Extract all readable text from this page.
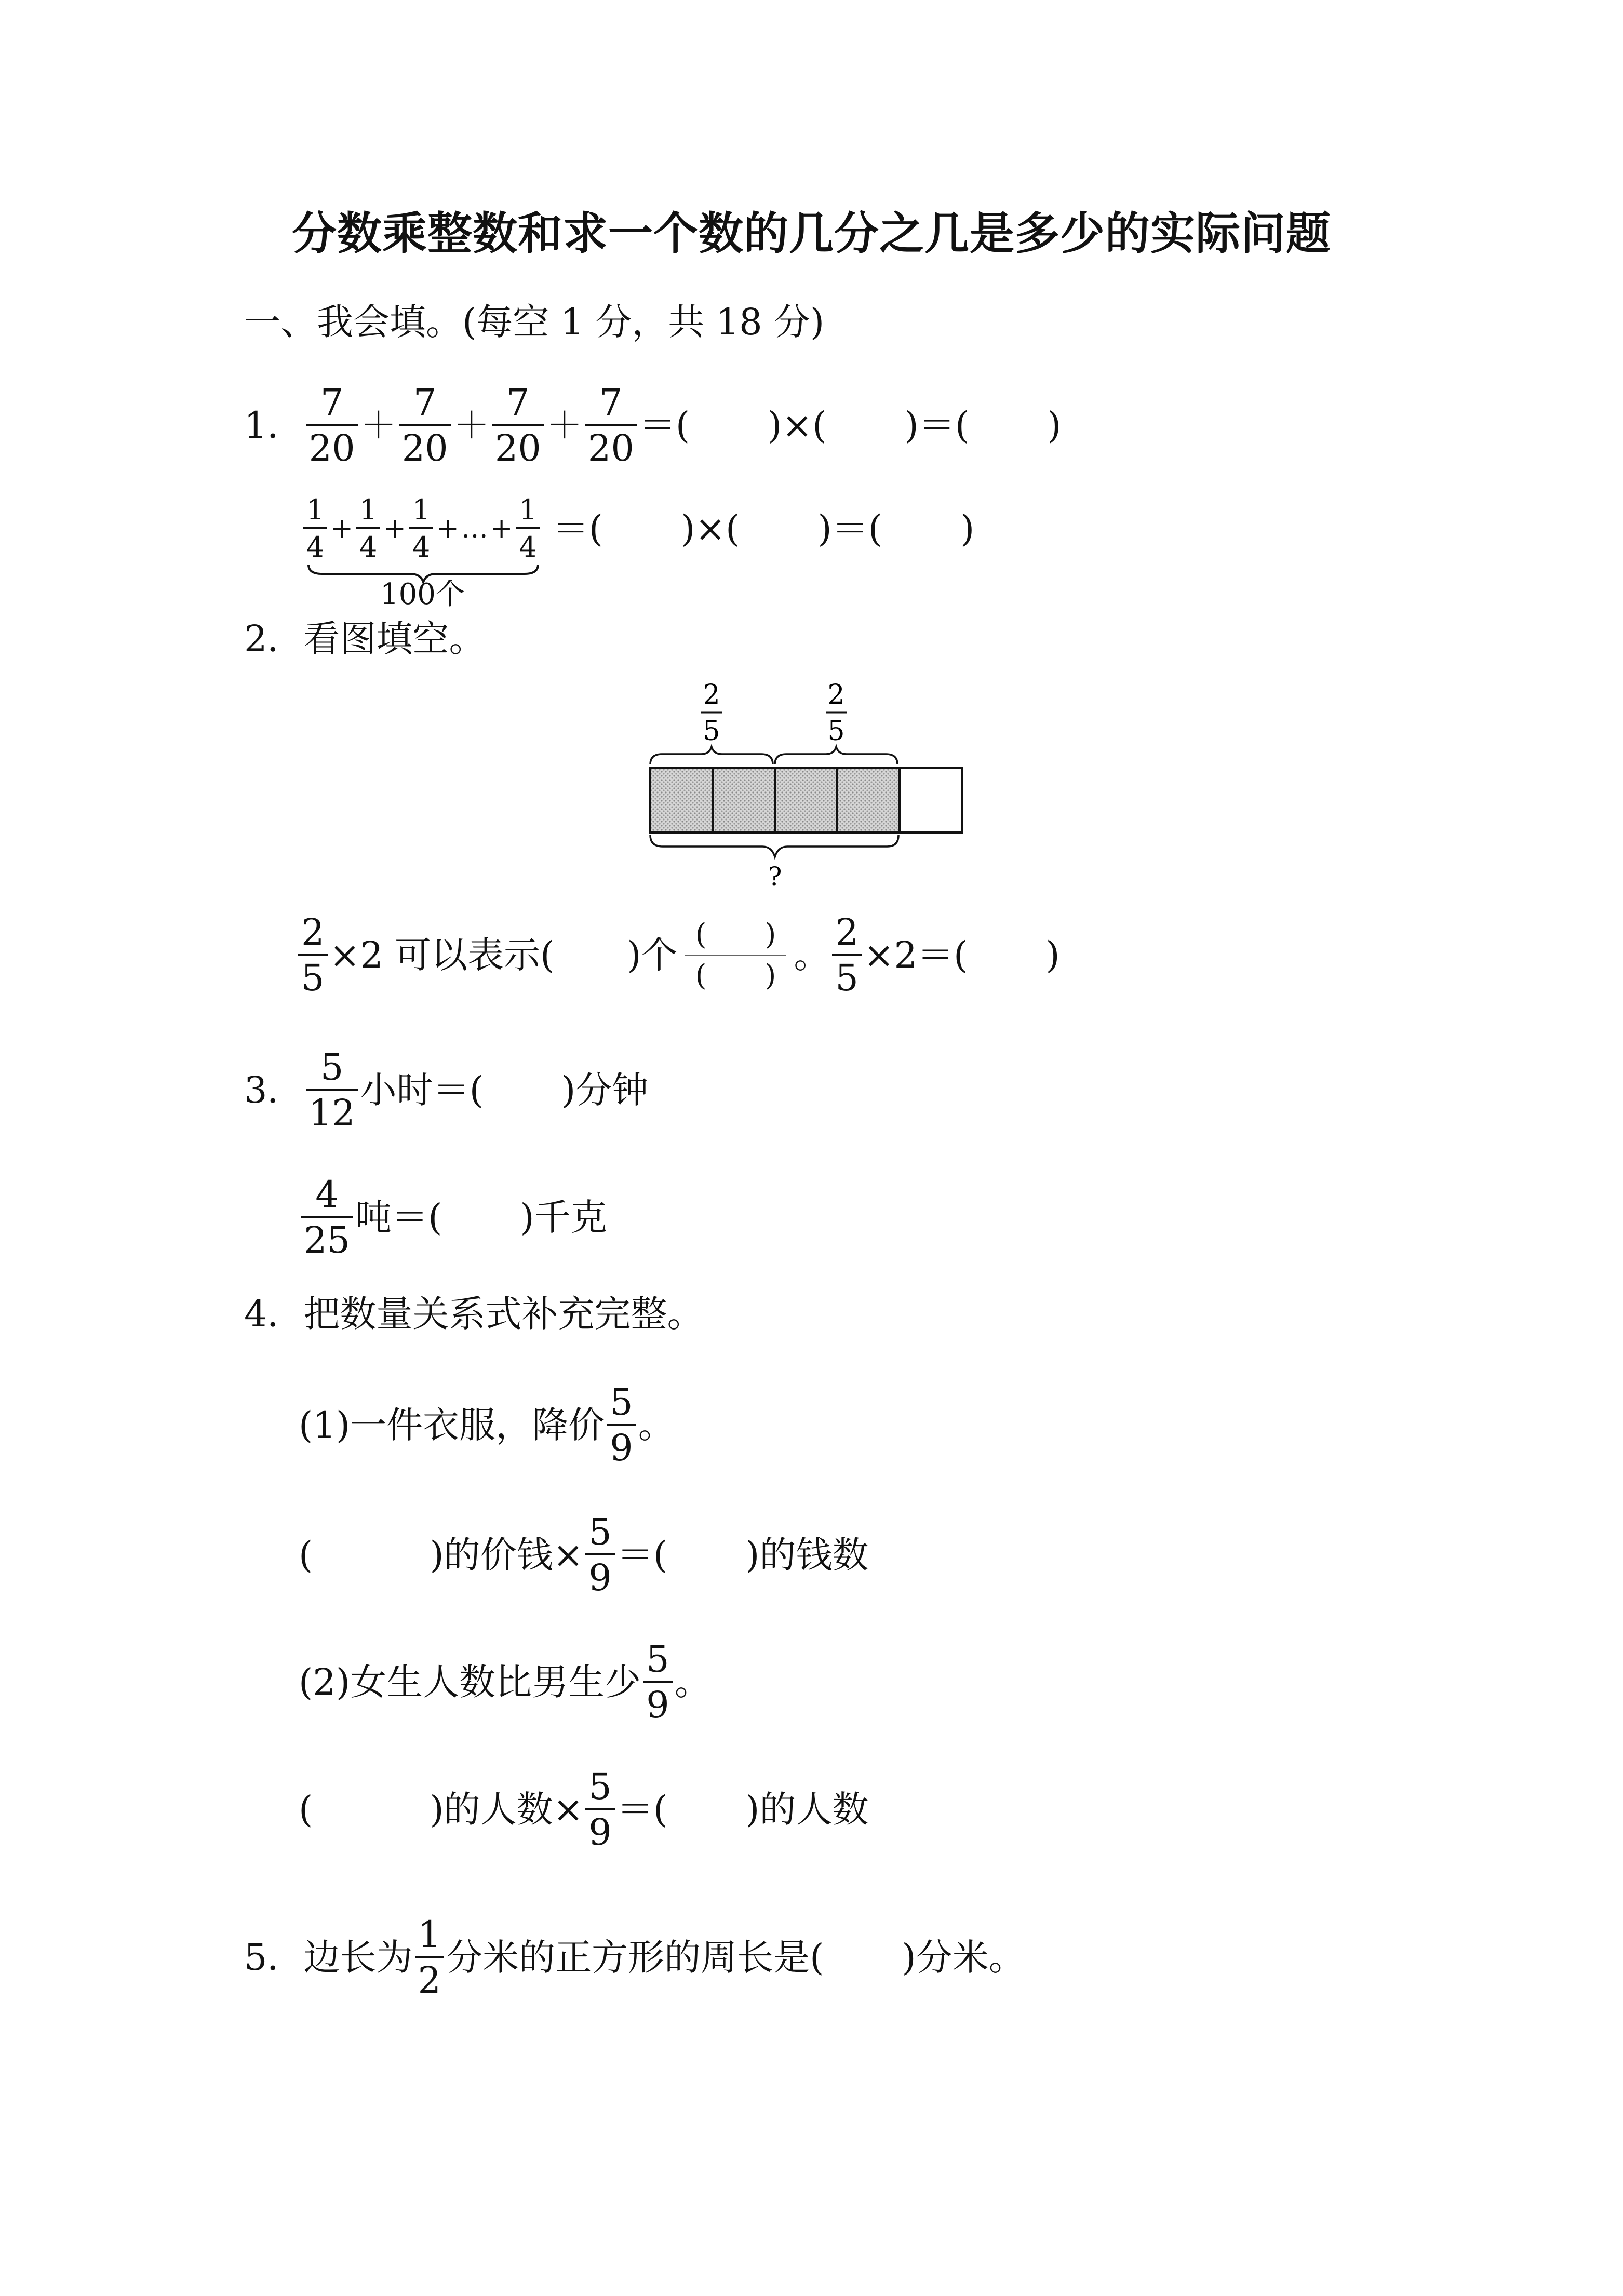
分数乘整数和求一个数的几分之几是多少的实际问题
一、我会填。(每空 1 分，共 18 分)
1． $\frac{7}{20} + \frac{7}{20} + \frac{7}{20} + \frac{7}{20}$ ＝ ( ) × ( ) ＝ ( )
$\frac{1}{4} + \frac{1}{4} + \frac{1}{4}$ + … + $\frac{1}{4}$ ＝ ( ) × ( ) ＝ ( )
100个
2．看图填空。
2
5
2
5
?
$\frac{2}{5} \times 2$ 可以表示( )个 $\frac{( )}{( )}$ 。 $\frac{2}{5} \times 2=$( )
3． $\frac{5}{12}$ 小时＝( )分钟
$\frac{4}{25}$ 吨＝( )千克
4．把数量关系式补充完整。
(1)一件衣服，降价 $\frac{5}{9}$ 。
(	)的价钱× $\frac{5}{9}$ ＝( )的钱数
(2)女生人数比男生少 $\frac{5}{9}$ 。
(	)的人数× $\frac{5}{9}$ ＝( )的人数
5． 边长为 $\frac{1}{2}$ 分米的正方形的周长是( )分米。
